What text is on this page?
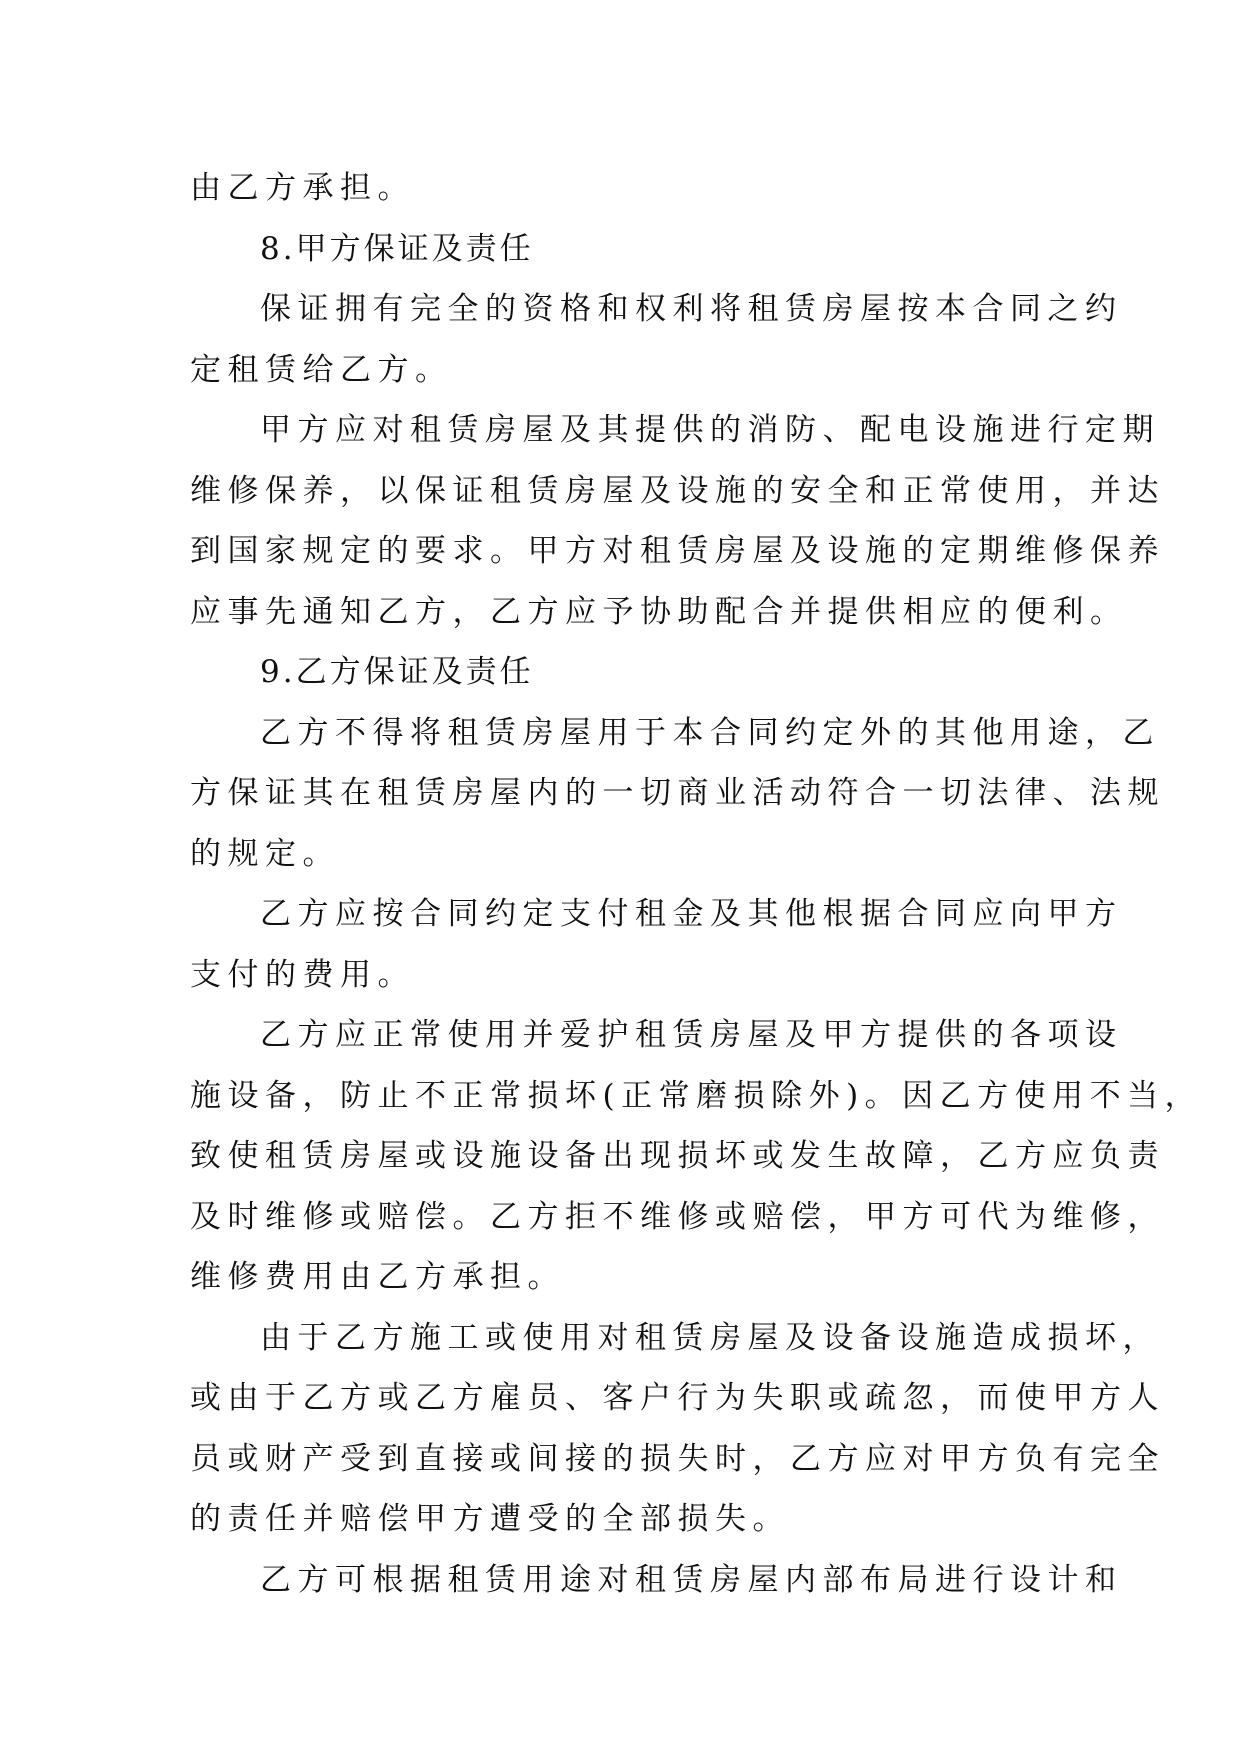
由乙方承担。
8.甲方保证及责任
保证拥有完全的资格和权利将租赁房屋按本合同之约
定租赁给乙方。
甲方应对租赁房屋及其提供的消防、配电设施进行定期
维修保养，以保证租赁房屋及设施的安全和正常使用，并达
到国家规定的要求。甲方对租赁房屋及设施的定期维修保养
应事先通知乙方，乙方应予协助配合并提供相应的便利。
9.乙方保证及责任
乙方不得将租赁房屋用于本合同约定外的其他用途，乙
方保证其在租赁房屋内的一切商业活动符合一切法律、法规
的规定。
乙方应按合同约定支付租金及其他根据合同应向甲方
支付的费用。
乙方应正常使用并爱护租赁房屋及甲方提供的各项设
施设备，防止不正常损坏(正常磨损除外)。因乙方使用不当，
致使租赁房屋或设施设备出现损坏或发生故障，乙方应负责
及时维修或赔偿。乙方拒不维修或赔偿，甲方可代为维修，
维修费用由乙方承担。
由于乙方施工或使用对租赁房屋及设备设施造成损坏，
或由于乙方或乙方雇员、客户行为失职或疏忽，而使甲方人
员或财产受到直接或间接的损失时，乙方应对甲方负有完全
的责任并赔偿甲方遭受的全部损失。
乙方可根据租赁用途对租赁房屋内部布局进行设计和
